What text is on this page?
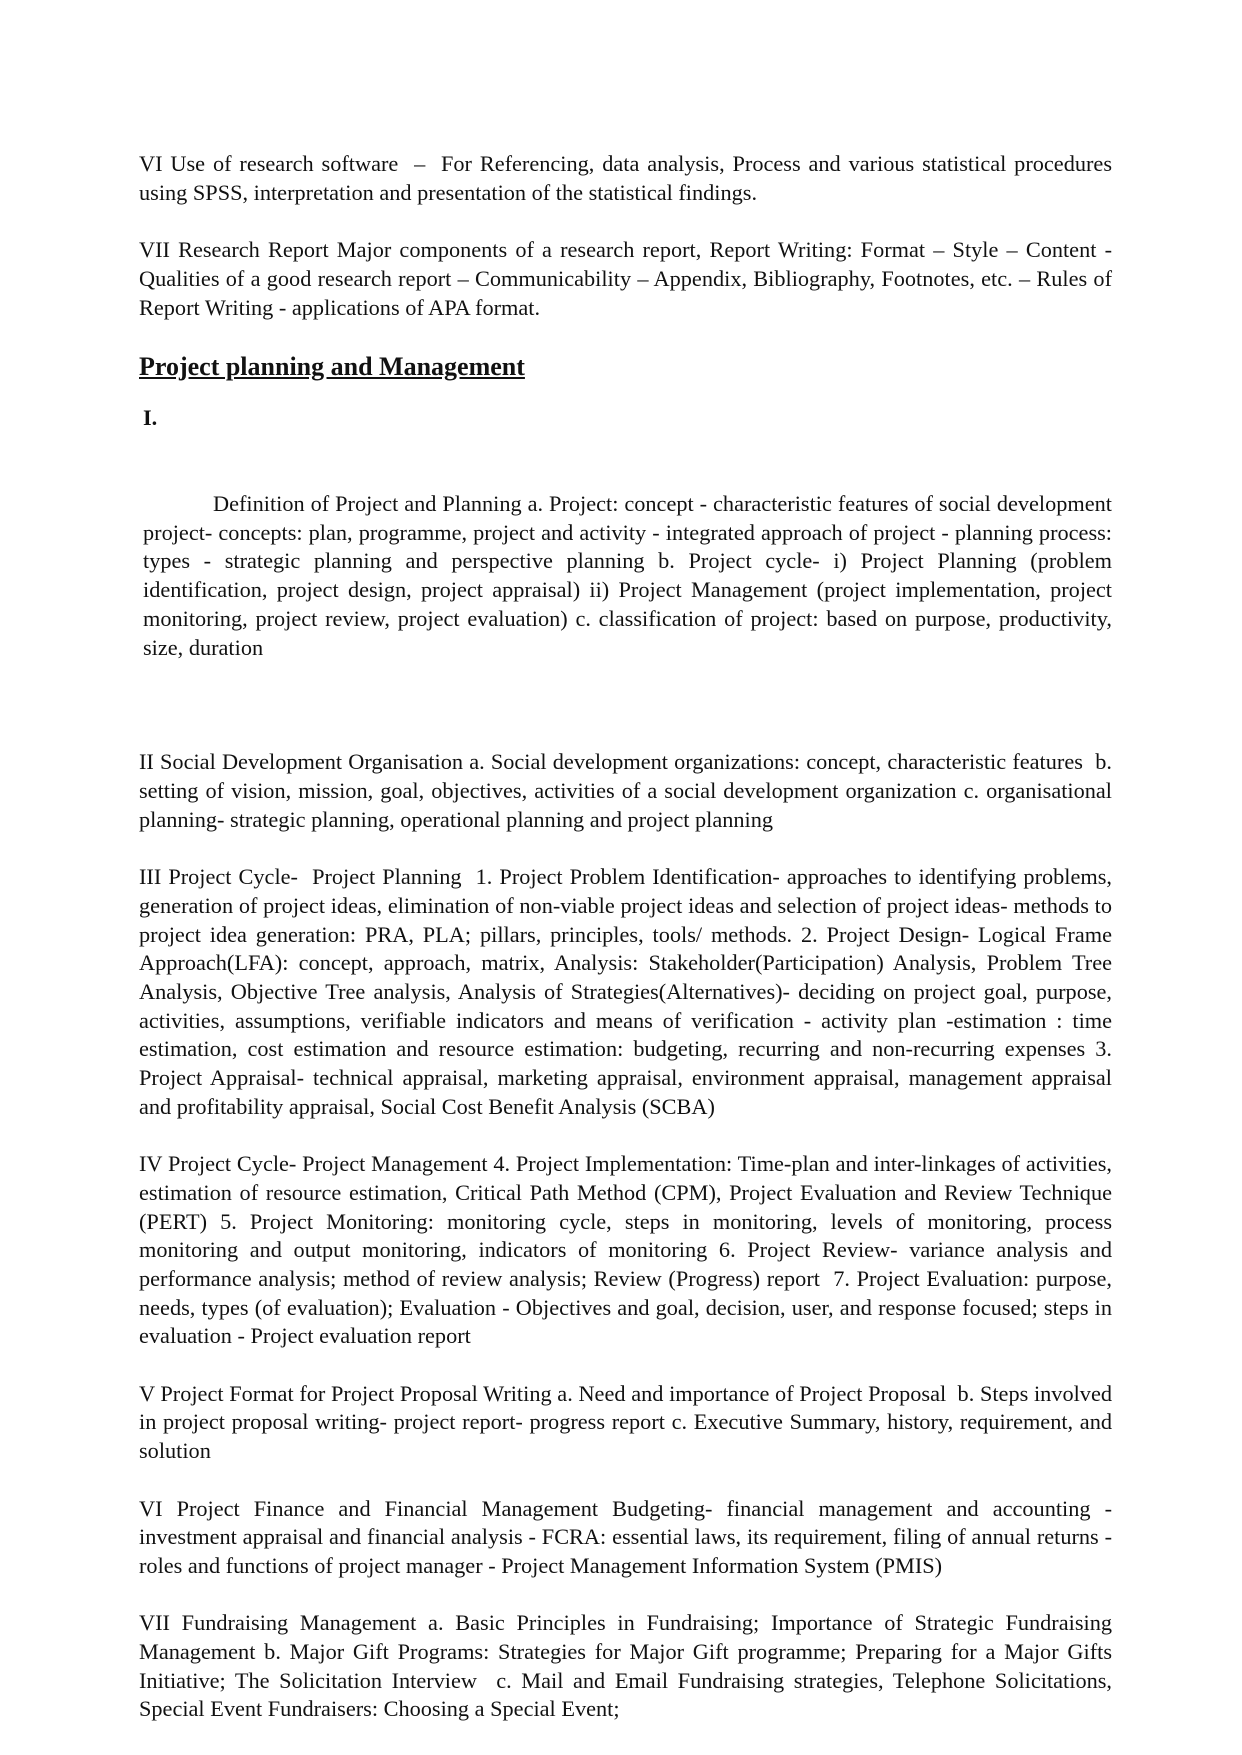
VI Use of research software  –  For Referencing, data analysis, Process and various statistical procedures using SPSS, interpretation and presentation of the statistical findings.

VII Research Report Major components of a research report, Report Writing: Format – Style – Content -     Qualities of a good research report – Communicability – Appendix, Bibliography, Footnotes, etc. – Rules of Report Writing - applications of APA format.

Project planning and Management

I.

Definition of Project and Planning a. Project: concept - characteristic features of social development project- concepts: plan, programme, project and activity - integrated approach of project - planning process: types - strategic planning and perspective planning b. Project cycle- i) Project Planning (problem identification, project design, project appraisal) ii) Project Management (project implementation, project monitoring, project review, project evaluation) c. classification of project: based on purpose, productivity, size, duration

II Social Development Organisation a. Social development organizations: concept, characteristic features  b. setting of vision, mission, goal, objectives, activities of a social development organization c. organisational planning- strategic planning, operational planning and project planning

III Project Cycle-  Project Planning  1. Project Problem Identification- approaches to identifying problems, generation of project ideas, elimination of non-viable project ideas and selection of project ideas- methods to project idea generation: PRA, PLA; pillars, principles, tools/ methods. 2. Project Design- Logical Frame Approach(LFA): concept, approach, matrix, Analysis: Stakeholder(Participation) Analysis, Problem Tree Analysis, Objective Tree analysis, Analysis of Strategies(Alternatives)- deciding on project goal, purpose, activities, assumptions, verifiable indicators and means of verification - activity plan -estimation : time estimation, cost estimation and resource estimation: budgeting, recurring and non-recurring expenses 3. Project Appraisal- technical appraisal, marketing appraisal, environment appraisal, management appraisal and profitability appraisal, Social Cost Benefit Analysis (SCBA)

IV Project Cycle- Project Management 4. Project Implementation: Time-plan and inter-linkages of activities, estimation of resource estimation, Critical Path Method (CPM), Project Evaluation and Review Technique (PERT) 5. Project Monitoring: monitoring cycle, steps in monitoring, levels of monitoring, process monitoring and output monitoring, indicators of monitoring 6. Project Review- variance analysis and performance analysis; method of review analysis; Review (Progress) report  7. Project Evaluation: purpose, needs, types (of evaluation); Evaluation - Objectives and goal, decision, user, and response focused; steps in evaluation - Project evaluation report

V Project Format for Project Proposal Writing a. Need and importance of Project Proposal  b. Steps involved in project proposal writing- project report- progress report c. Executive Summary, history, requirement, and solution

VI Project Finance and Financial Management Budgeting- financial management and accounting - investment appraisal and financial analysis - FCRA: essential laws, its requirement, filing of annual returns - roles and functions of project manager - Project Management Information System (PMIS)

VII Fundraising Management a. Basic Principles in Fundraising; Importance of Strategic Fundraising Management b. Major Gift Programs: Strategies for Major Gift programme; Preparing for a Major Gifts Initiative; The Solicitation Interview  c. Mail and Email Fundraising strategies, Telephone Solicitations, Special Event Fundraisers: Choosing a Special Event;
